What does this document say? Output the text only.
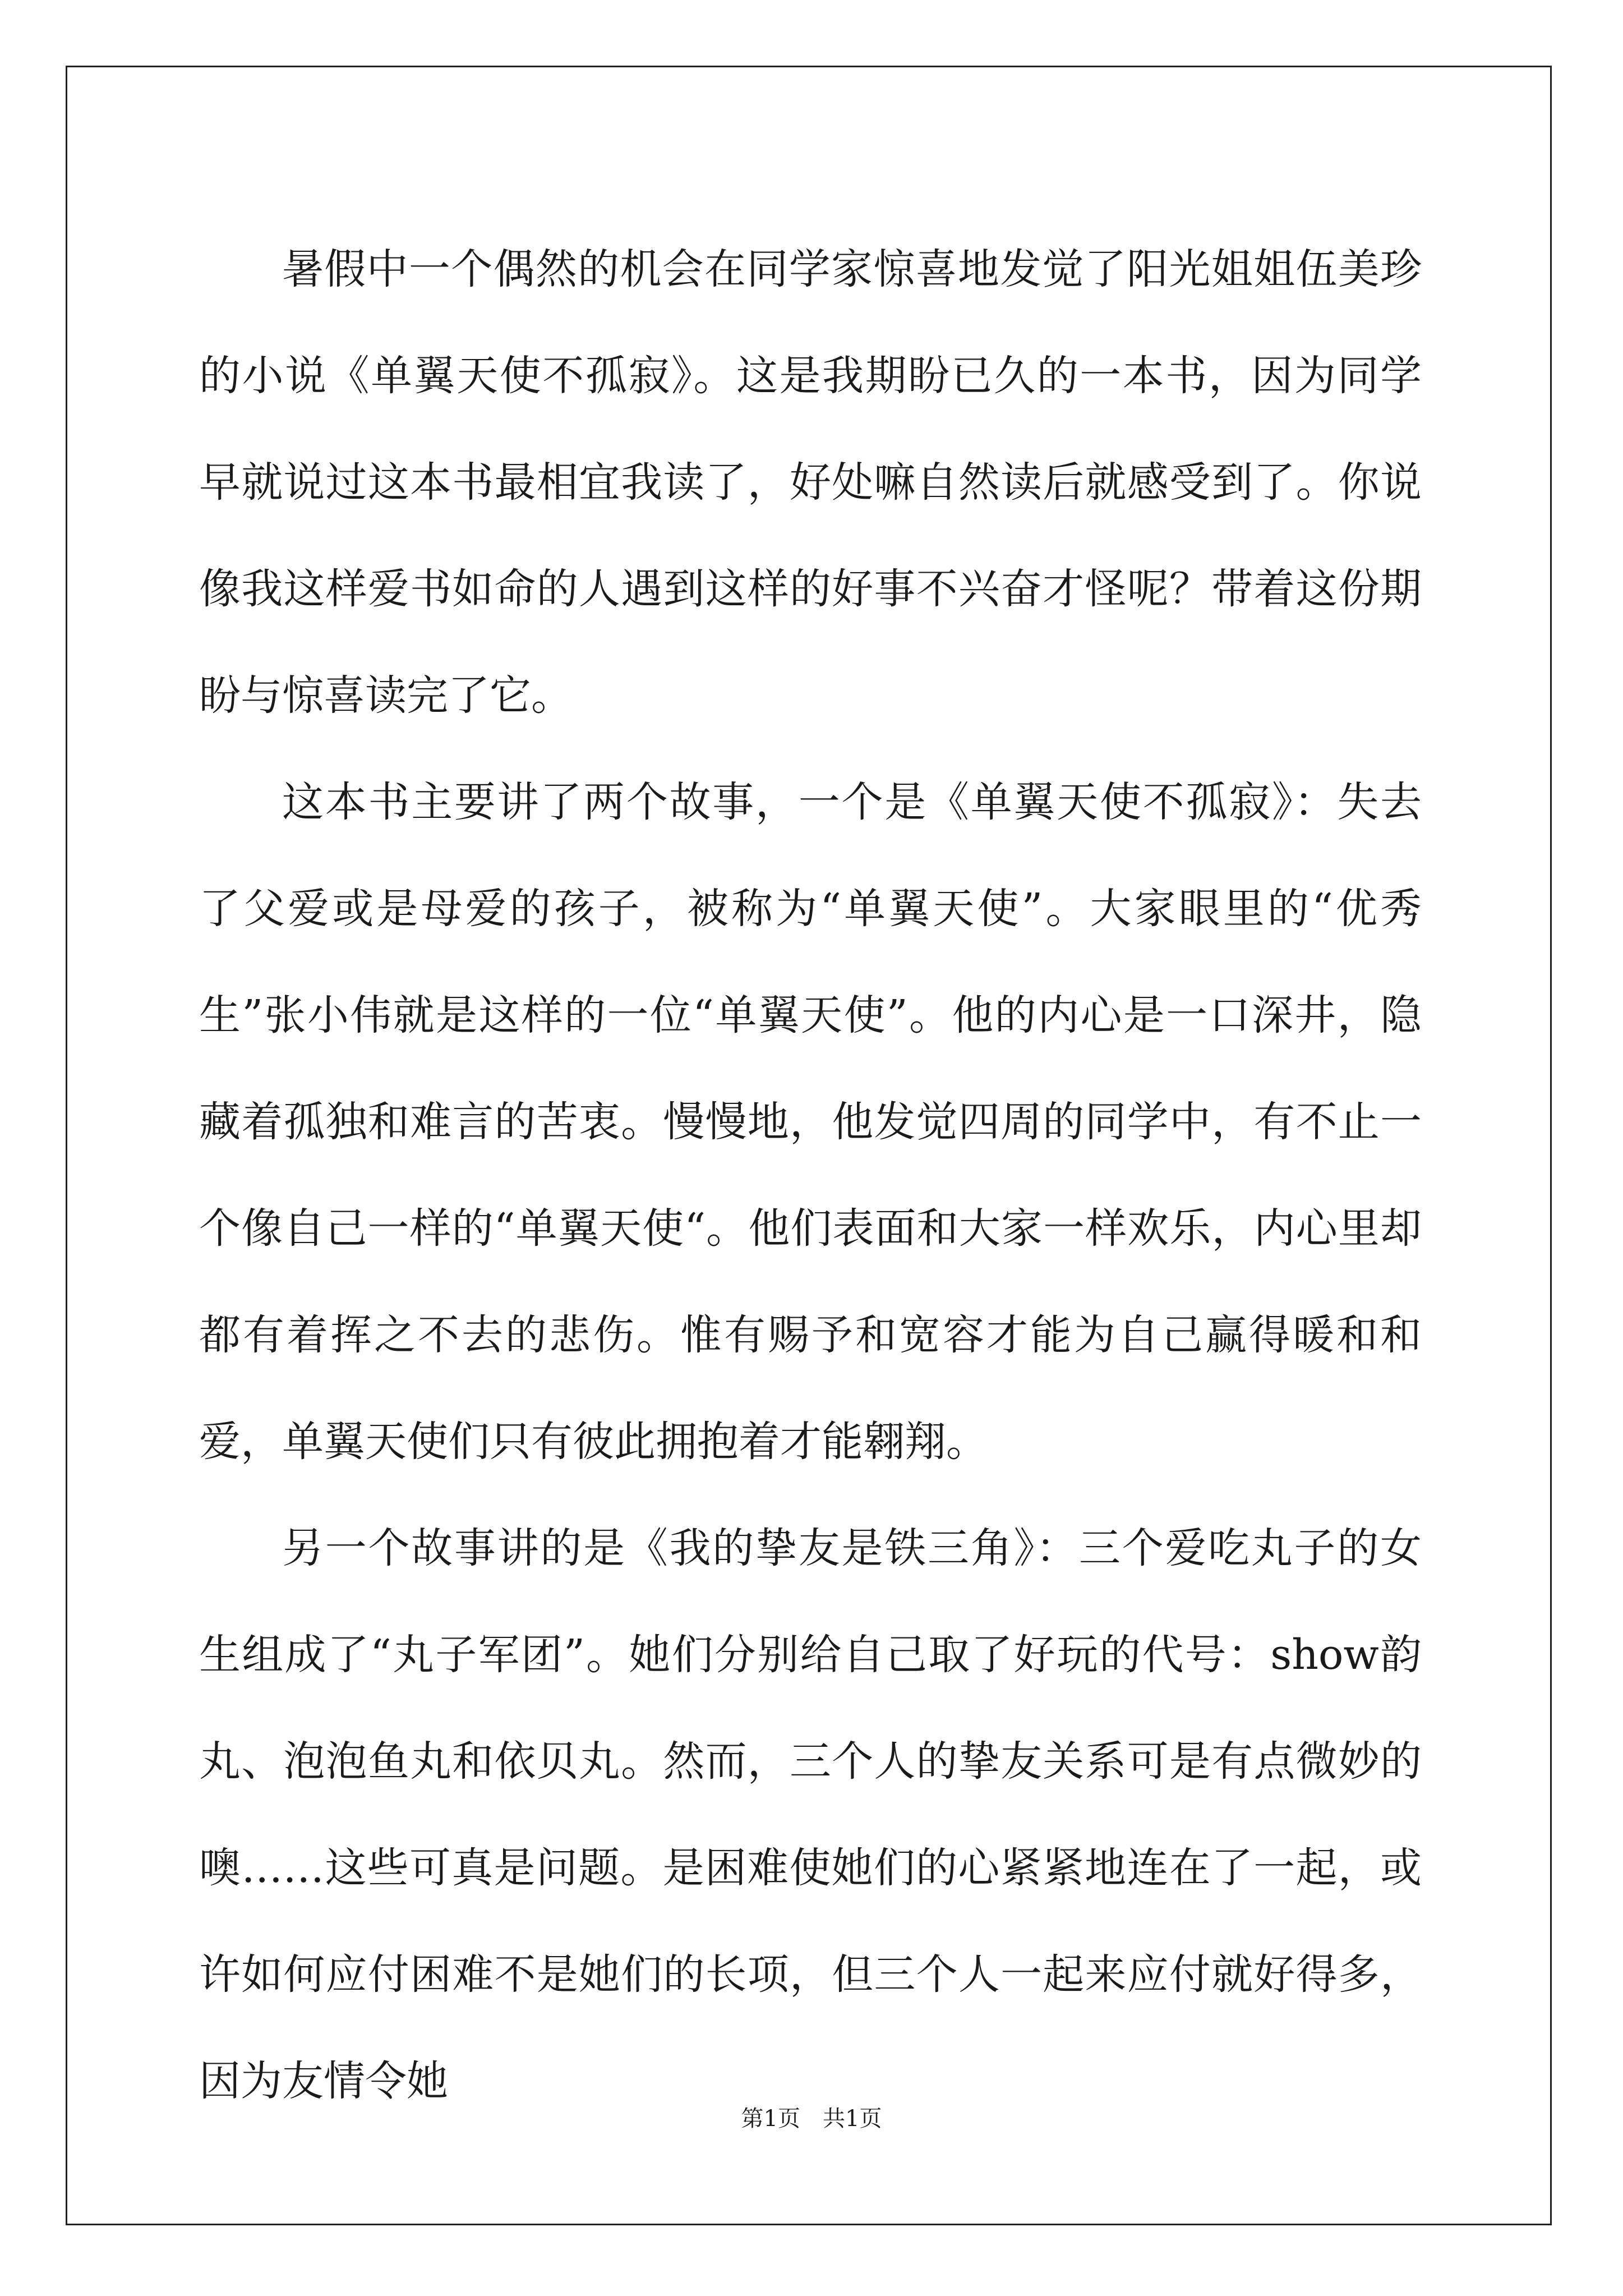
暑假中一个偶然的机会在同学家惊喜地发觉了阳光姐姐伍美珍的小说《单翼天使不孤寂》。这是我期盼已久的一本书，因为同学早就说过这本书最相宜我读了，好处嘛自然读后就感受到了。你说像我这样爱书如命的人遇到这样的好事不兴奋才怪呢？带着这份期盼与惊喜读完了它。

这本书主要讲了两个故事，一个是《单翼天使不孤寂》：失去了父爱或是母爱的孩子，被称为“单翼天使”。大家眼里的“优秀生”张小伟就是这样的一位“单翼天使”。他的内心是一口深井，隐藏着孤独和难言的苦衷。慢慢地，他发觉四周的同学中，有不止一个像自己一样的“单翼天使“。他们表面和大家一样欢乐，内心里却都有着挥之不去的悲伤。惟有赐予和宽容才能为自己赢得暖和和爱，单翼天使们只有彼此拥抱着才能翱翔。

另一个故事讲的是《我的挚友是铁三角》：三个爱吃丸子的女生组成了“丸子军团”。她们分别给自己取了好玩的代号：show韵丸、泡泡鱼丸和依贝丸。然而，三个人的挚友关系可是有点微妙的噢……这些可真是问题。是困难使她们的心紧紧地连在了一起，或许如何应付困难不是她们的长项，但三个人一起来应付就好得多，因为友情令她

第1页　共1页
